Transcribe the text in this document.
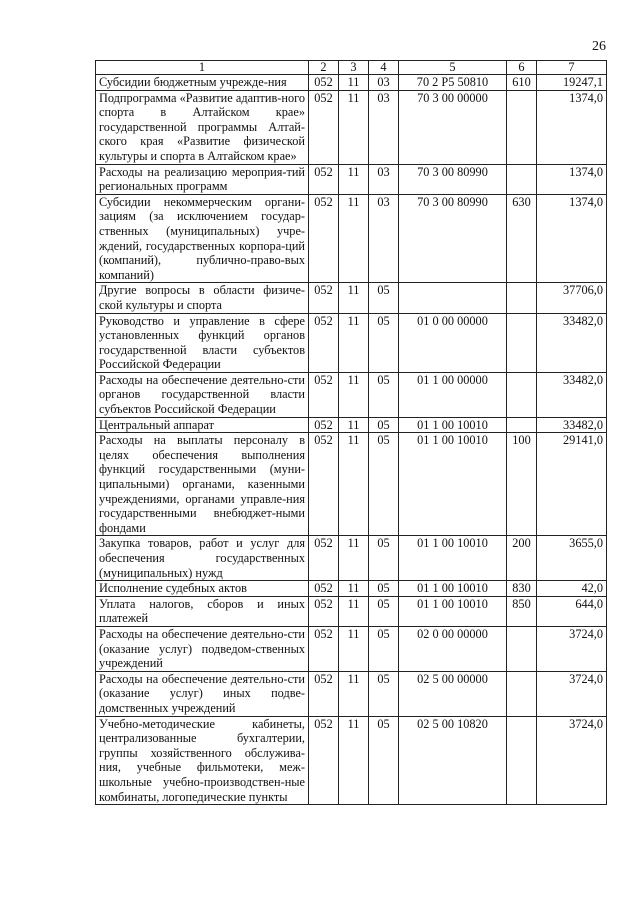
26
1	2	3	4	5	6	7
Субсидии бюджетным учрежде-ния	052	11	03	70 2 P5 50810	610	19247,1
Подпрограмма «Развитие адаптив-ного спорта в Алтайском крае» государственной программы Алтай-ского края «Развитие физической культуры и спорта в Алтайском крае»	052	11	03	70 3 00 00000		1374,0
Расходы на реализацию мероприя-тий региональных программ	052	11	03	70 3 00 80990		1374,0
Субсидии некоммерческим органи-зациям (за исключением государ-ственных (муниципальных) учре-ждений, государственных корпора-ций (компаний), публично-право-вых компаний)	052	11	03	70 3 00 80990	630	1374,0
Другие вопросы в области физиче-ской культуры и спорта	052	11	05			37706,0
Руководство и управление в сфере установленных функций органов государственной власти субъектов Российской Федерации	052	11	05	01 0 00 00000		33482,0
Расходы на обеспечение деятельно-сти органов государственной власти субъектов Российской Федерации	052	11	05	01 1 00 00000		33482,0
Центральный аппарат	052	11	05	01 1 00 10010		33482,0
Расходы на выплаты персоналу в целях обеспечения выполнения функций государственными (муни-ципальными) органами, казенными учреждениями, органами управле-ния государственными внебюджет-ными фондами	052	11	05	01 1 00 10010	100	29141,0
Закупка товаров, работ и услуг для обеспечения государственных (муниципальных) нужд	052	11	05	01 1 00 10010	200	3655,0
Исполнение судебных актов	052	11	05	01 1 00 10010	830	42,0
Уплата налогов, сборов и иных платежей	052	11	05	01 1 00 10010	850	644,0
Расходы на обеспечение деятельно-сти (оказание услуг) подведом-ственных учреждений	052	11	05	02 0 00 00000		3724,0
Расходы на обеспечение деятельно-сти (оказание услуг) иных подве-домственных учреждений	052	11	05	02 5 00 00000		3724,0
Учебно-методические кабинеты, централизованные бухгалтерии, группы хозяйственного обслужива-ния, учебные фильмотеки, меж-школьные учебно-производствен-ные комбинаты, логопедические пункты	052	11	05	02 5 00 10820		3724,0
